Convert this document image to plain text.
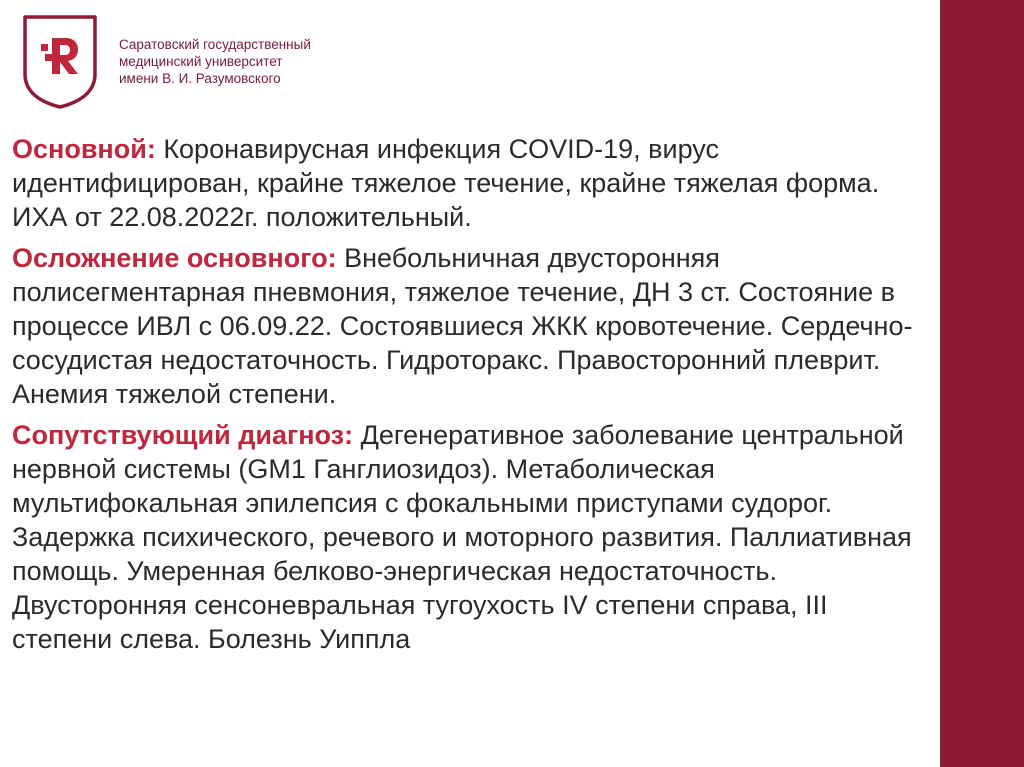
Саратовский государственный
медицинский университет
имени В. И. Разумовского

Основной: Коронавирусная инфекция COVID-19, вирус идентифицирован, крайне тяжелое течение, крайне тяжелая форма. ИХА от 22.08.2022г. положительный.

Осложнение основного: Внебольничная двусторонняя полисегментарная пневмония, тяжелое течение, ДН 3 ст. Состояние в процессе ИВЛ с 06.09.22. Состоявшиеся ЖКК кровотечение. Сердечно-сосудистая недостаточность. Гидроторакс. Правосторонний плеврит. Анемия тяжелой степени.

Сопутствующий диагноз: Дегенеративное заболевание центральной нервной системы (GM1 Ганглиозидоз). Метаболическая мультифокальная эпилепсия с фокальными приступами судорог. Задержка психического, речевого и моторного развития. Паллиативная помощь. Умеренная белково-энергическая недостаточность. Двусторонняя сенсоневральная тугоухость IV степени справа, III степени слева. Болезнь Уиппла
